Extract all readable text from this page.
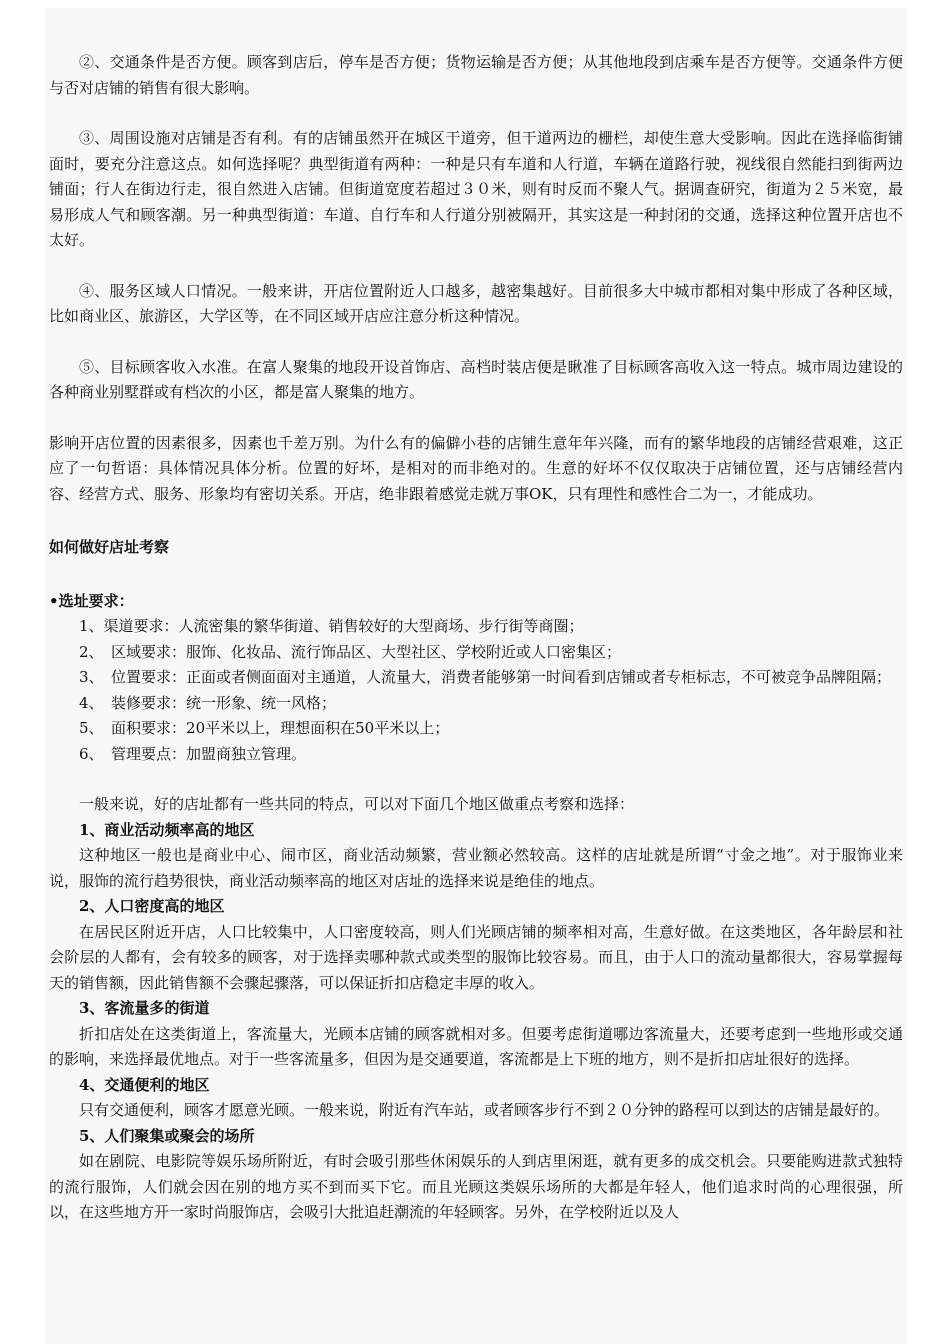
②、交通条件是否方便。顾客到店后，停车是否方便；货物运输是否方便；从其他地段到店乘车是否方便等。交通条件方便与否对店铺的销售有很大影响。

③、周围设施对店铺是否有利。有的店铺虽然开在城区干道旁，但干道两边的栅栏，却使生意大受影响。因此在选择临街铺面时，要充分注意这点。如何选择呢？典型街道有两种：一种是只有车道和人行道，车辆在道路行驶，视线很自然能扫到街两边铺面；行人在街边行走，很自然进入店铺。但街道宽度若超过３０米，则有时反而不聚人气。据调查研究，街道为２５米宽，最易形成人气和顾客潮。另一种典型街道：车道、自行车和人行道分别被隔开，其实这是一种封闭的交通，选择这种位置开店也不太好。

④、服务区域人口情况。一般来讲，开店位置附近人口越多，越密集越好。目前很多大中城市都相对集中形成了各种区域，比如商业区、旅游区，大学区等，在不同区域开店应注意分析这种情况。

⑤、目标顾客收入水准。在富人聚集的地段开设首饰店、高档时装店便是瞅准了目标顾客高收入这一特点。城市周边建设的各种商业别墅群或有档次的小区，都是富人聚集的地方。

影响开店位置的因素很多，因素也千差万别。为什么有的偏僻小巷的店铺生意年年兴隆，而有的繁华地段的店铺经营艰难，这正应了一句哲语：具体情况具体分析。位置的好坏，是相对的而非绝对的。生意的好坏不仅仅取决于店铺位置，还与店铺经营内容、经营方式、服务、形象均有密切关系。开店，绝非跟着感觉走就万事OK，只有理性和感性合二为一，才能成功。

如何做好店址考察

•选址要求：

1、渠道要求：人流密集的繁华街道、销售较好的大型商场、步行街等商圈；

2、　区域要求：服饰、化妆品、流行饰品区、大型社区、学校附近或人口密集区；

3、　位置要求：正面或者侧面面对主通道，人流量大，消费者能够第一时间看到店铺或者专柜标志，不可被竞争品牌阻隔；

4、　装修要求：统一形象、统一风格；

5、　面积要求：20平米以上，理想面积在50平米以上；

6、　管理要点：加盟商独立管理。

一般来说，好的店址都有一些共同的特点，可以对下面几个地区做重点考察和选择：

1、商业活动频率高的地区

这种地区一般也是商业中心、闹市区，商业活动频繁，营业额必然较高。这样的店址就是所谓“寸金之地”。对于服饰业来说，服饰的流行趋势很快，商业活动频率高的地区对店址的选择来说是绝佳的地点。

2、人口密度高的地区

在居民区附近开店，人口比较集中，人口密度较高，则人们光顾店铺的频率相对高，生意好做。在这类地区，各年龄层和社会阶层的人都有，会有较多的顾客，对于选择卖哪种款式或类型的服饰比较容易。而且，由于人口的流动量都很大，容易掌握每天的销售额，因此销售额不会骤起骤落，可以保证折扣店稳定丰厚的收入。

3、客流量多的街道

折扣店处在这类街道上，客流量大，光顾本店铺的顾客就相对多。但要考虑街道哪边客流量大，还要考虑到一些地形或交通的影响，来选择最优地点。对于一些客流量多，但因为是交通要道，客流都是上下班的地方，则不是折扣店址很好的选择。

4、交通便利的地区

只有交通便利，顾客才愿意光顾。一般来说，附近有汽车站，或者顾客步行不到２０分钟的路程可以到达的店铺是最好的。

5、人们聚集或聚会的场所

如在剧院、电影院等娱乐场所附近，有时会吸引那些休闲娱乐的人到店里闲逛，就有更多的成交机会。只要能购进款式独特的流行服饰，人们就会因在别的地方买不到而买下它。而且光顾这类娱乐场所的大都是年轻人，他们追求时尚的心理很强，所以，在这些地方开一家时尚服饰店，会吸引大批追赶潮流的年轻顾客。另外，在学校附近以及人
